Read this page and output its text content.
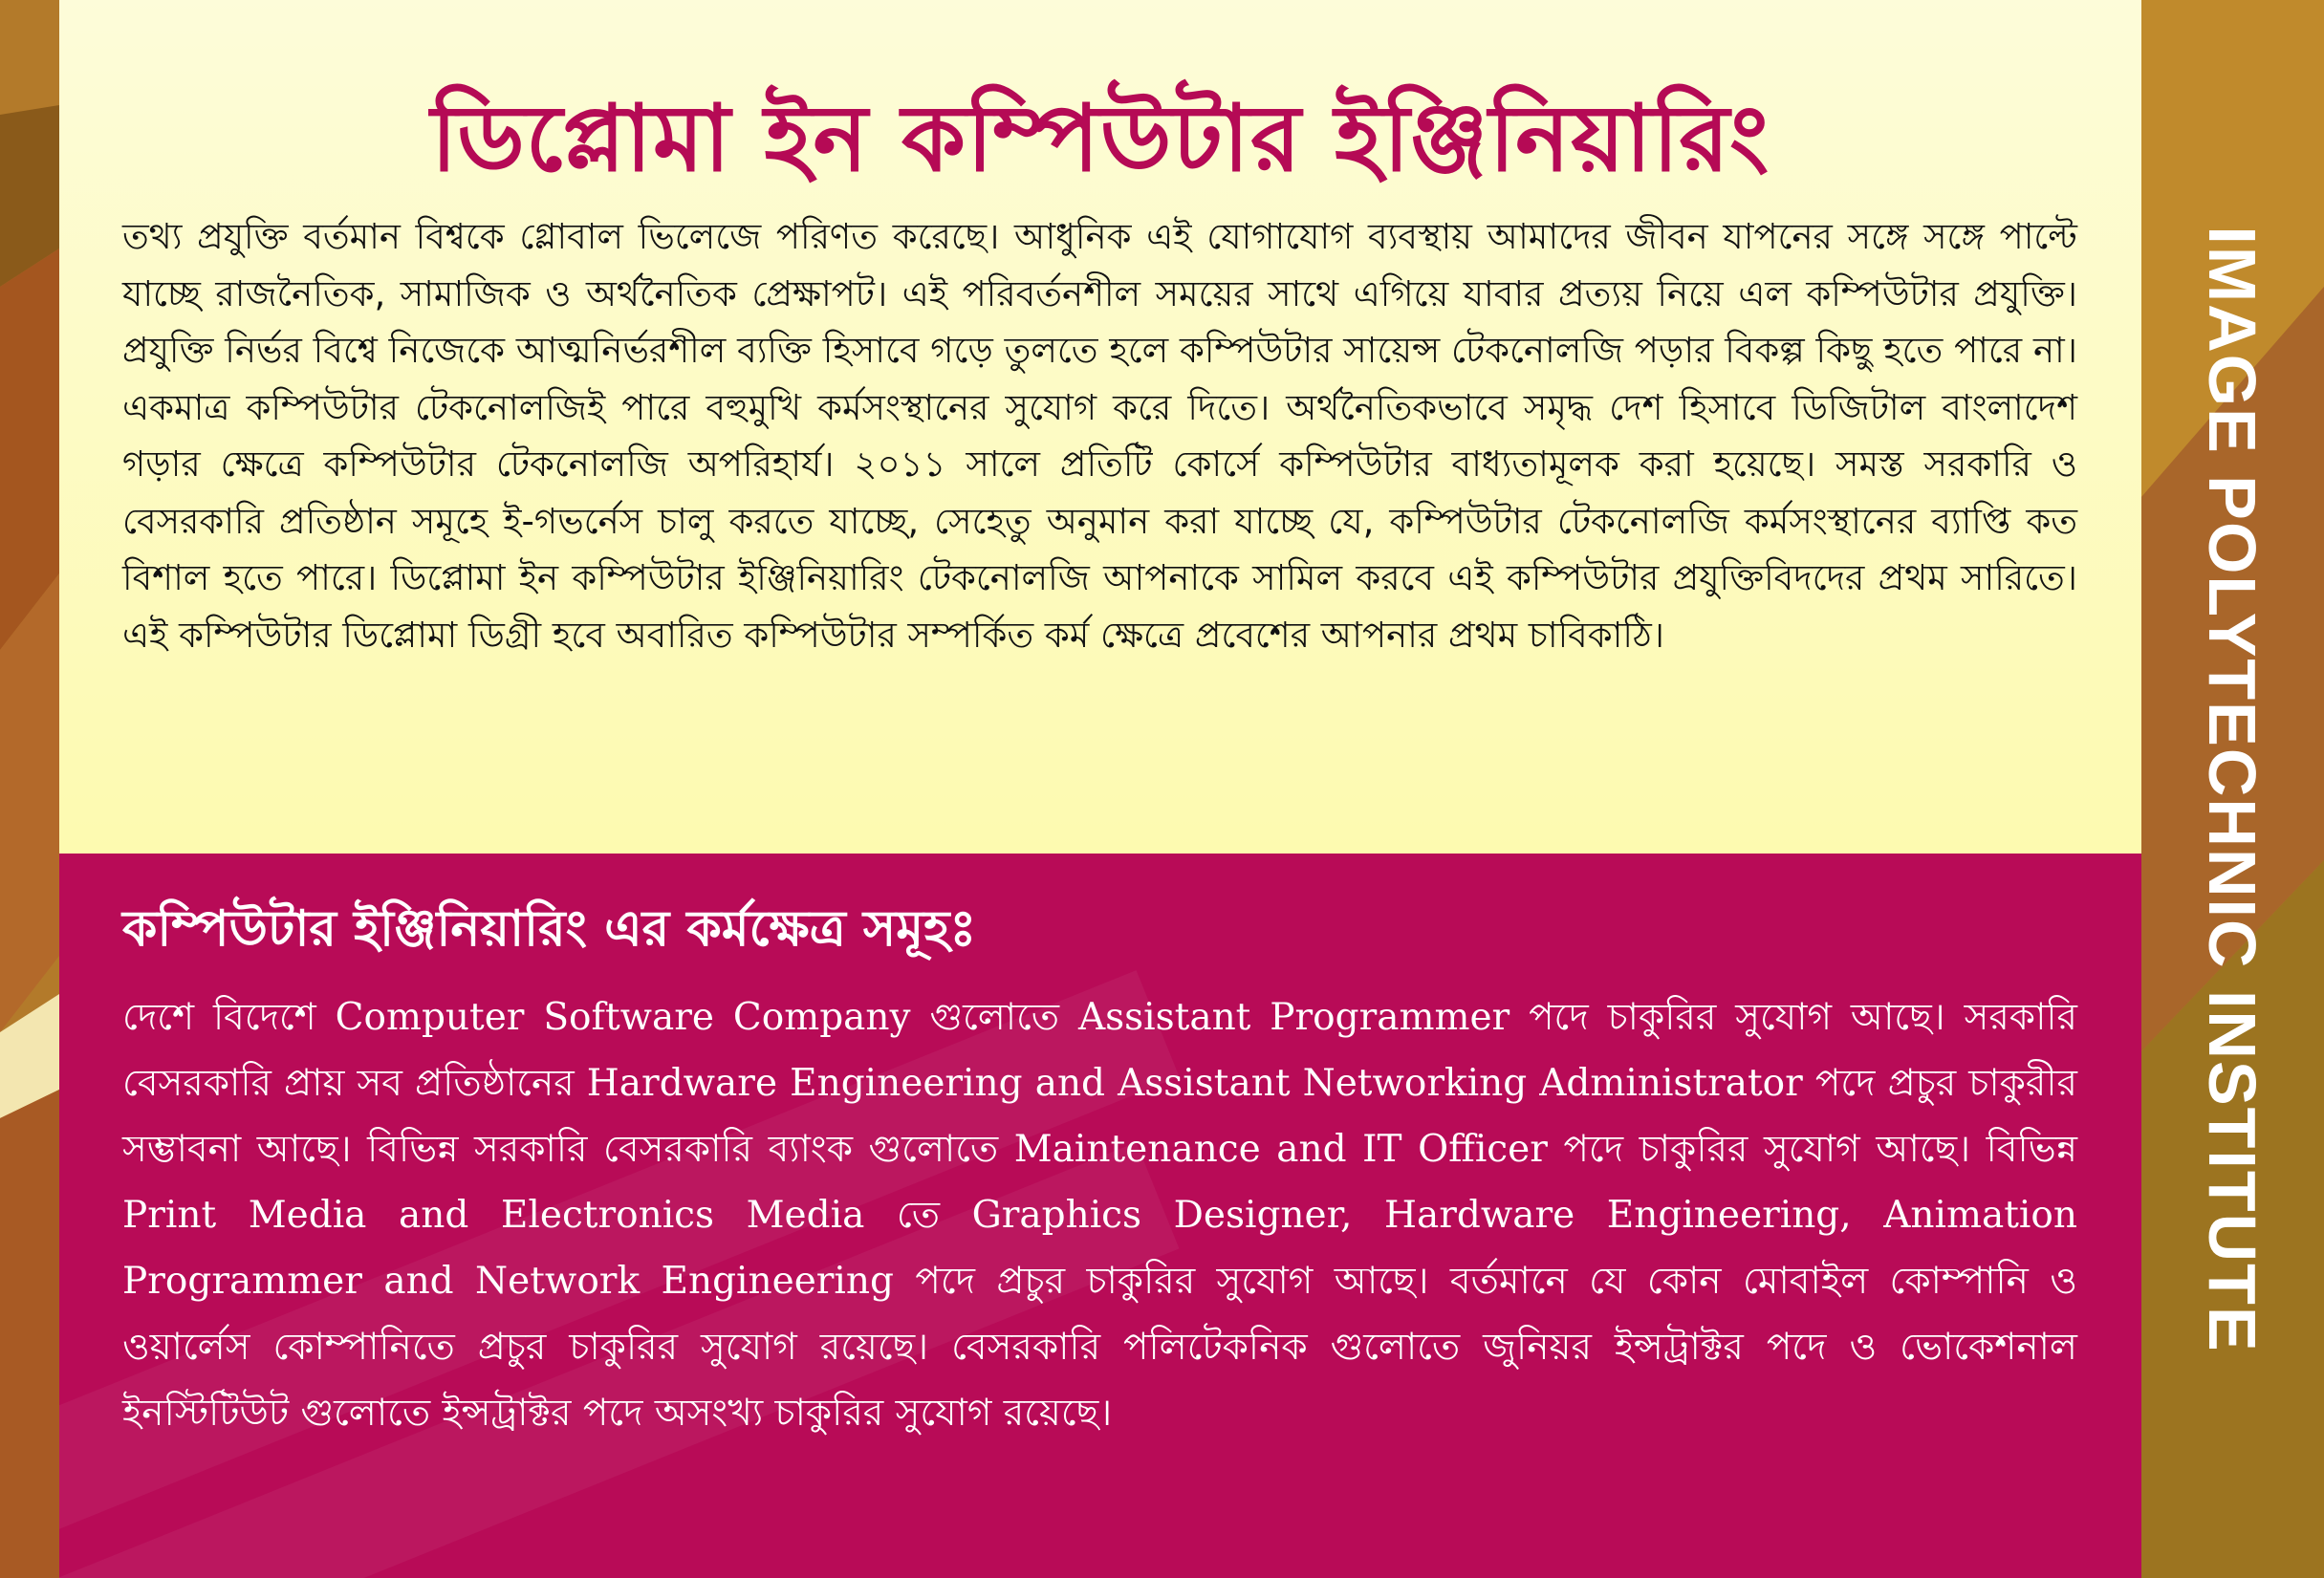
ডিপ্লোমা ইন কম্পিউটার ইঞ্জিনিয়ারিং
তথ্য প্রযুক্তি বর্তমান বিশ্বকে গ্লোবাল ভিলেজে পরিণত করেছে। আধুনিক এই যোগাযোগ ব্যবস্থায় আমাদের জীবন যাপনের সঙ্গে সঙ্গে পাল্টে যাচ্ছে রাজনৈতিক, সামাজিক ও অর্থনৈতিক প্রেক্ষাপট। এই পরিবর্তনশীল সময়ের সাথে এগিয়ে যাবার প্রত্যয় নিয়ে এল কম্পিউটার প্রযুক্তি। প্রযুক্তি নির্ভর বিশ্বে নিজেকে আত্মনির্ভরশীল ব্যক্তি হিসাবে গড়ে তুলতে হলে কম্পিউটার সায়েন্স টেকনোলজি পড়ার বিকল্প কিছু হতে পারে না। একমাত্র কম্পিউটার টেকনোলজিই পারে বহুমুখি কর্মসংস্থানের সুযোগ করে দিতে। অর্থনৈতিকভাবে সমৃদ্ধ দেশ হিসাবে ডিজিটাল বাংলাদেশ গড়ার ক্ষেত্রে কম্পিউটার টেকনোলজি অপরিহার্য। ২০১১ সালে প্রতিটি কোর্সে কম্পিউটার বাধ্যতামূলক করা হয়েছে। সমস্ত সরকারি ও বেসরকারি প্রতিষ্ঠান সমূহে ই-গভর্নেস চালু করতে যাচ্ছে, সেহেতু অনুমান করা যাচ্ছে যে, কম্পিউটার টেকনোলজি কর্মসংস্থানের ব্যাপ্তি কত বিশাল হতে পারে। ডিপ্লোমা ইন কম্পিউটার ইঞ্জিনিয়ারিং টেকনোলজি আপনাকে সামিল করবে এই কম্পিউটার প্রযুক্তিবিদদের প্রথম সারিতে। এই কম্পিউটার ডিপ্লোমা ডিগ্রী হবে অবারিত কম্পিউটার সম্পর্কিত কর্ম ক্ষেত্রে প্রবেশের আপনার প্রথম চাবিকাঠি।
কম্পিউটার ইঞ্জিনিয়ারিং এর কর্মক্ষেত্র সমূহঃ
দেশে বিদেশে Computer Software Company গুলোতে Assistant Programmer পদে চাকুরির সুযোগ আছে। সরকারি বেসরকারি প্রায় সব প্রতিষ্ঠানের Hardware Engineering and Assistant Networking Administrator পদে প্রচুর চাকুরীর সম্ভাবনা আছে। বিভিন্ন সরকারি বেসরকারি ব্যাংক গুলোতে Maintenance and IT Officer পদে চাকুরির সুযোগ আছে। বিভিন্ন Print Media and Electronics Media তে Graphics Designer, Hardware Engineering, Animation Programmer and Network Engineering পদে প্রচুর চাকুরির সুযোগ আছে। বর্তমানে যে কোন মোবাইল কোম্পানি ও ওয়ার্লেস কোম্পানিতে প্রচুর চাকুরির সুযোগ রয়েছে। বেসরকারি পলিটেকনিক গুলোতে জুনিয়র ইন্সট্রাক্টর পদে ও ভোকেশনাল ইনস্টিটিউট গুলোতে ইন্সট্রাক্টর পদে অসংখ্য চাকুরির সুযোগ রয়েছে।
IMAGE POLYTECHNIC INSTITUTE
